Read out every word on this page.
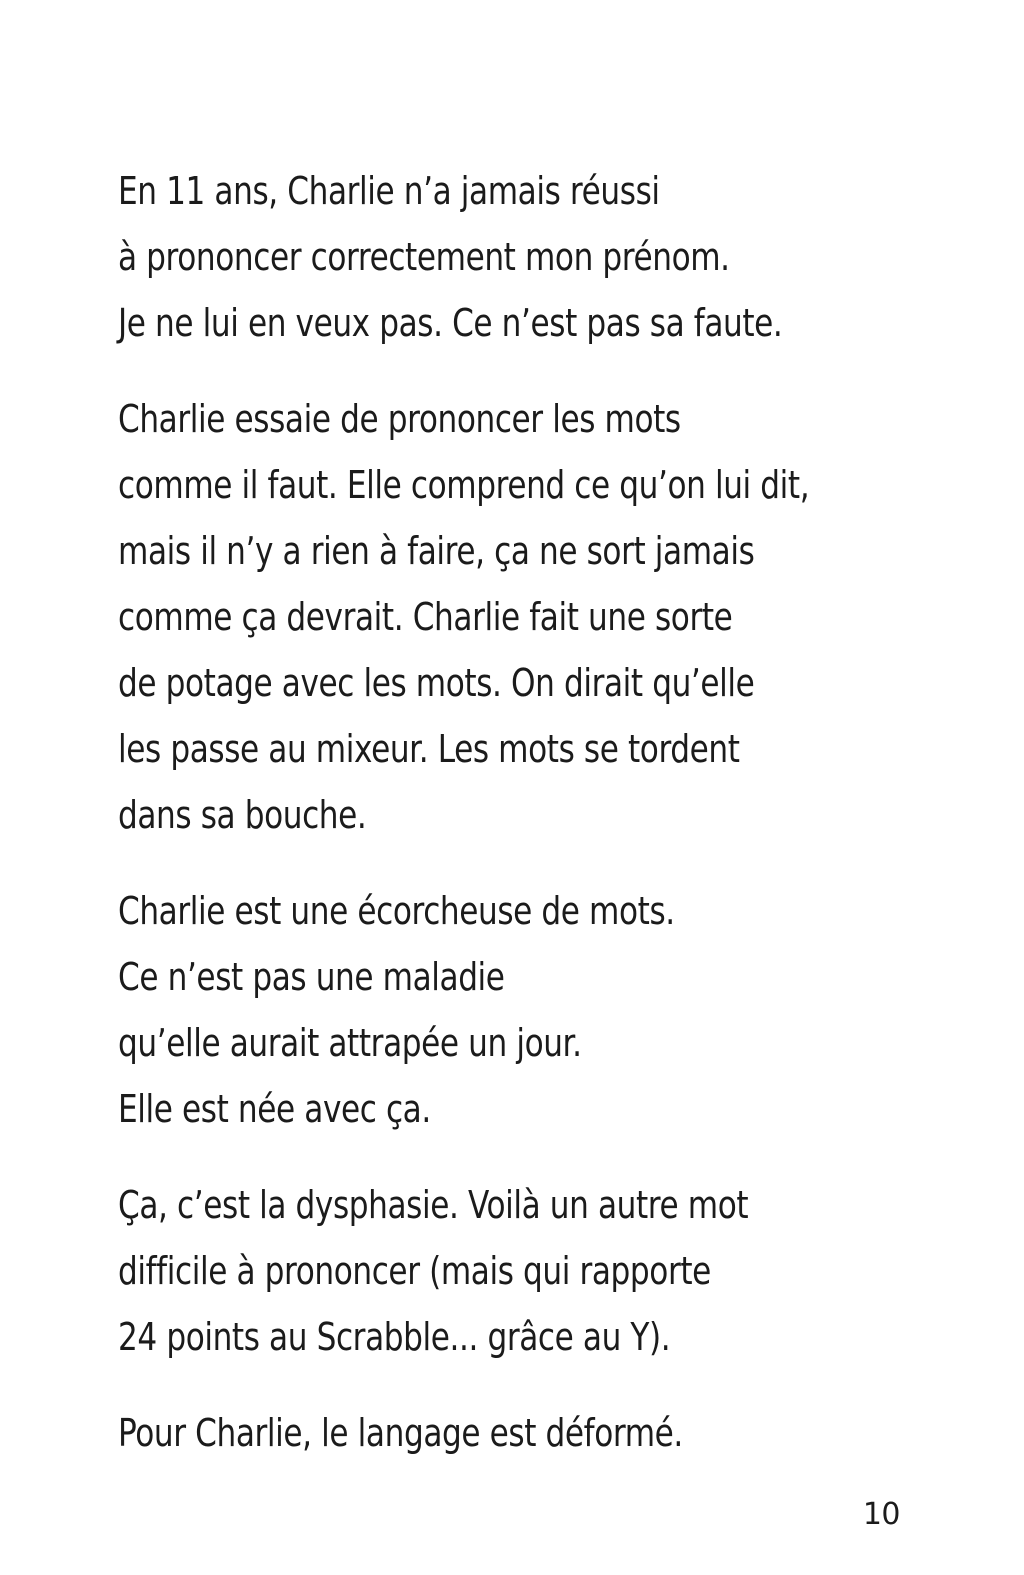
En 11 ans, Charlie n’a jamais réussi
à prononcer correctement mon prénom.
Je ne lui en veux pas. Ce n’est pas sa faute.
Charlie essaie de prononcer les mots
comme il faut. Elle comprend ce qu’on lui dit,
mais il n’y a rien à faire, ça ne sort jamais
comme ça devrait. Charlie fait une sorte
de potage avec les mots. On dirait qu’elle
les passe au mixeur. Les mots se tordent
dans sa bouche.
Charlie est une écorcheuse de mots.
Ce n’est pas une maladie
qu’elle aurait attrapée un jour.
Elle est née avec ça.
Ça, c’est la dysphasie. Voilà un autre mot
difficile à prononcer (mais qui rapporte
24 points au Scrabble... grâce au Y).
Pour Charlie, le langage est déformé.
10
